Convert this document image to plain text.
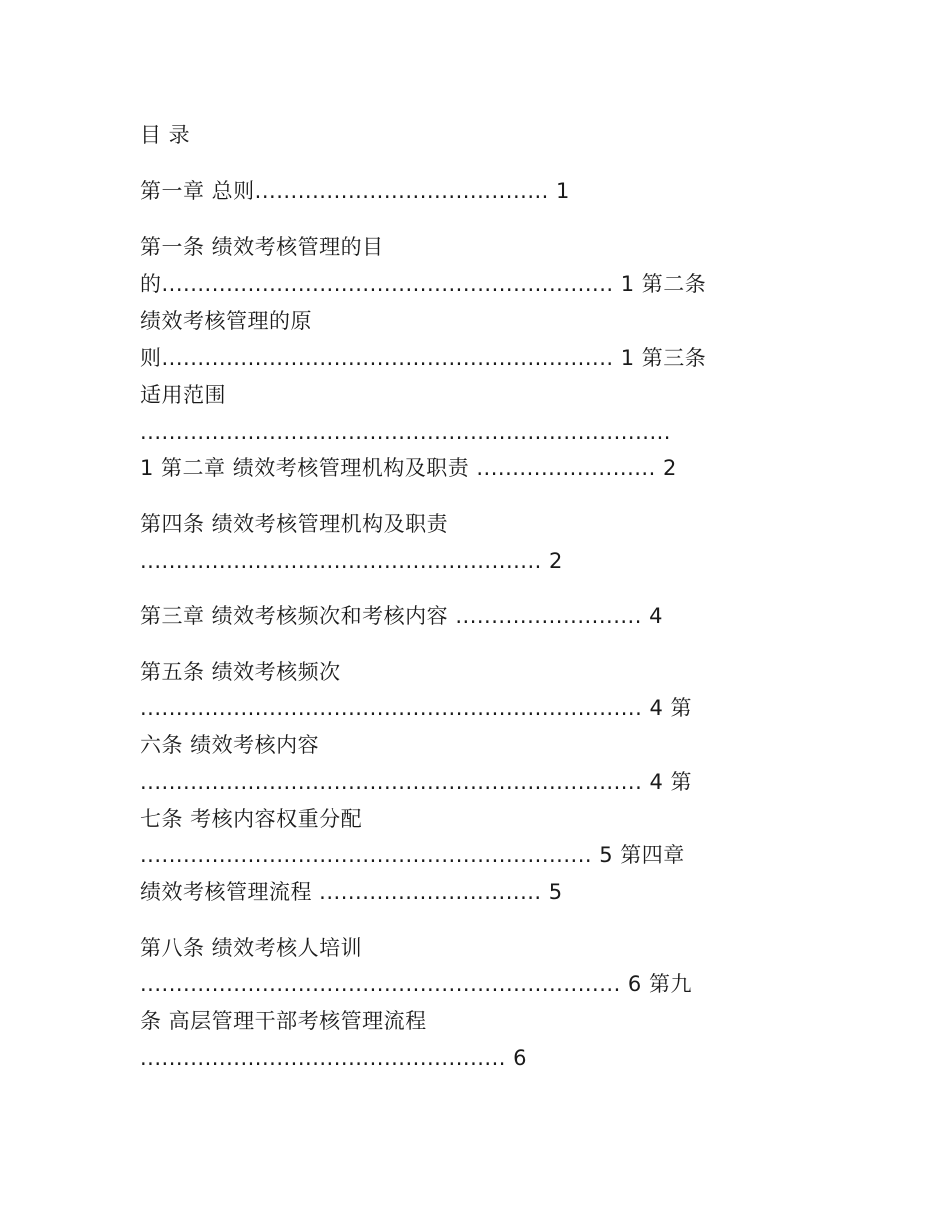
目 录
第一章 总则......................................... 1
第一条 绩效考核管理的目
的............................................................... 1 第二条
绩效考核管理的原
则............................................................... 1 第三条
适用范围
..........................................................................
1 第二章 绩效考核管理机构及职责 ......................... 2
第四条 绩效考核管理机构及职责
........................................................ 2
第三章 绩效考核频次和考核内容 .......................... 4
第五条 绩效考核频次
...................................................................... 4 第
六条 绩效考核内容
...................................................................... 4 第
七条 考核内容权重分配
............................................................... 5 第四章
绩效考核管理流程 ............................... 5
第八条 绩效考核人培训
................................................................... 6 第九
条 高层管理干部考核管理流程
................................................... 6
